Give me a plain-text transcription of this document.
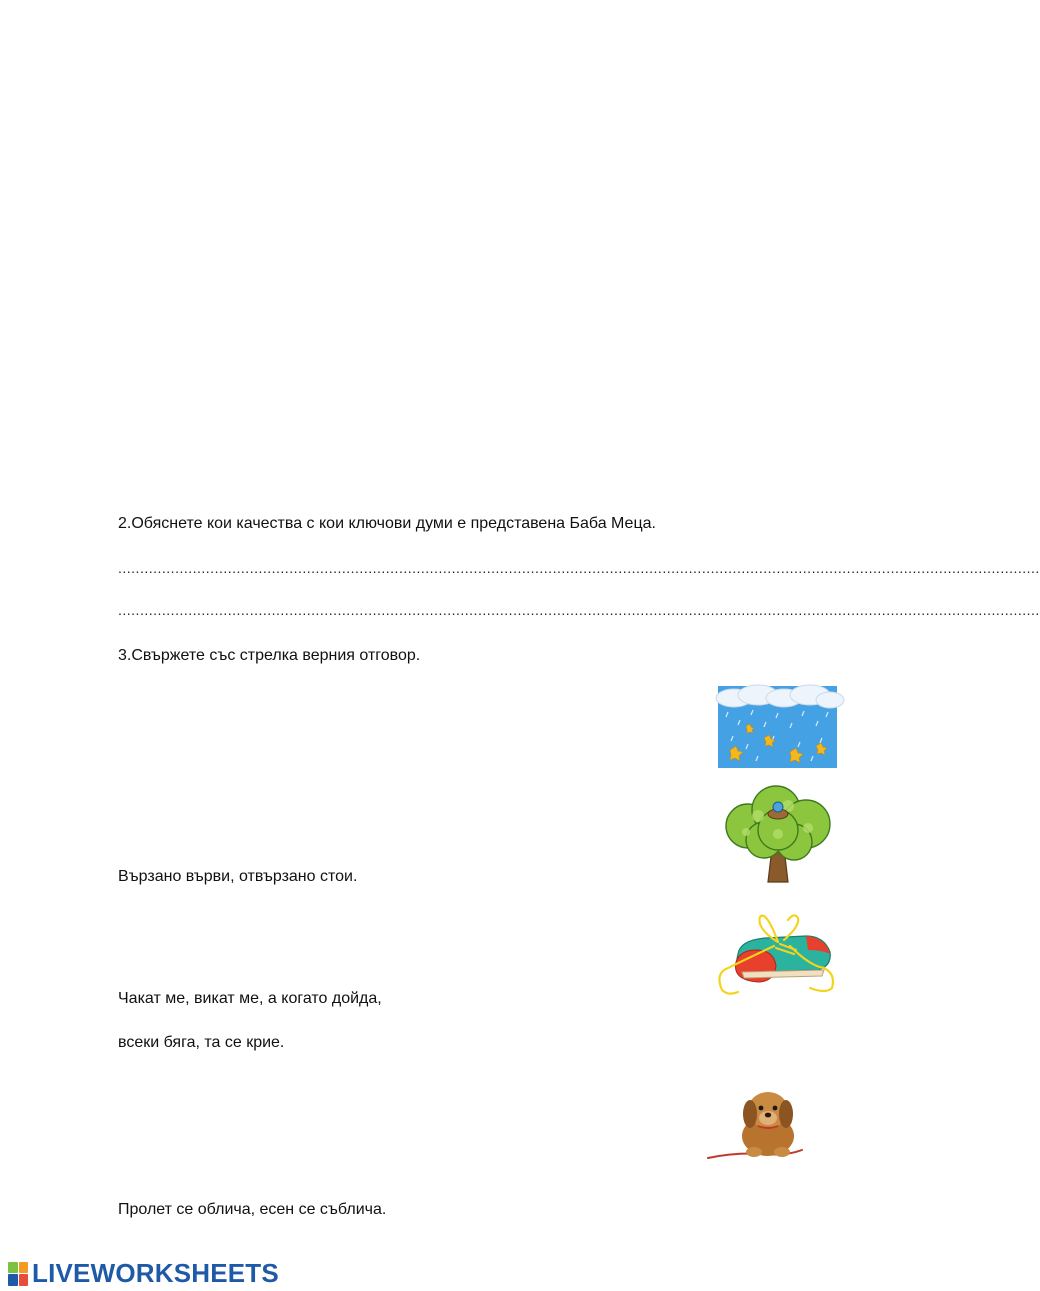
2.Обяснете кои качества с кои ключови думи е представена Баба Меца.
..................................................................................................................................................................................................................
..................................................................................................................................................................................................................
3.Свържете със стрелка верния отговор.
Вързано върви, отвързано стои.
Чакат ме, викат ме, а когато дойда,
всеки бяга, та се крие.
Пролет се облича, есен се съблича.
LIVEWORKSHEETS
